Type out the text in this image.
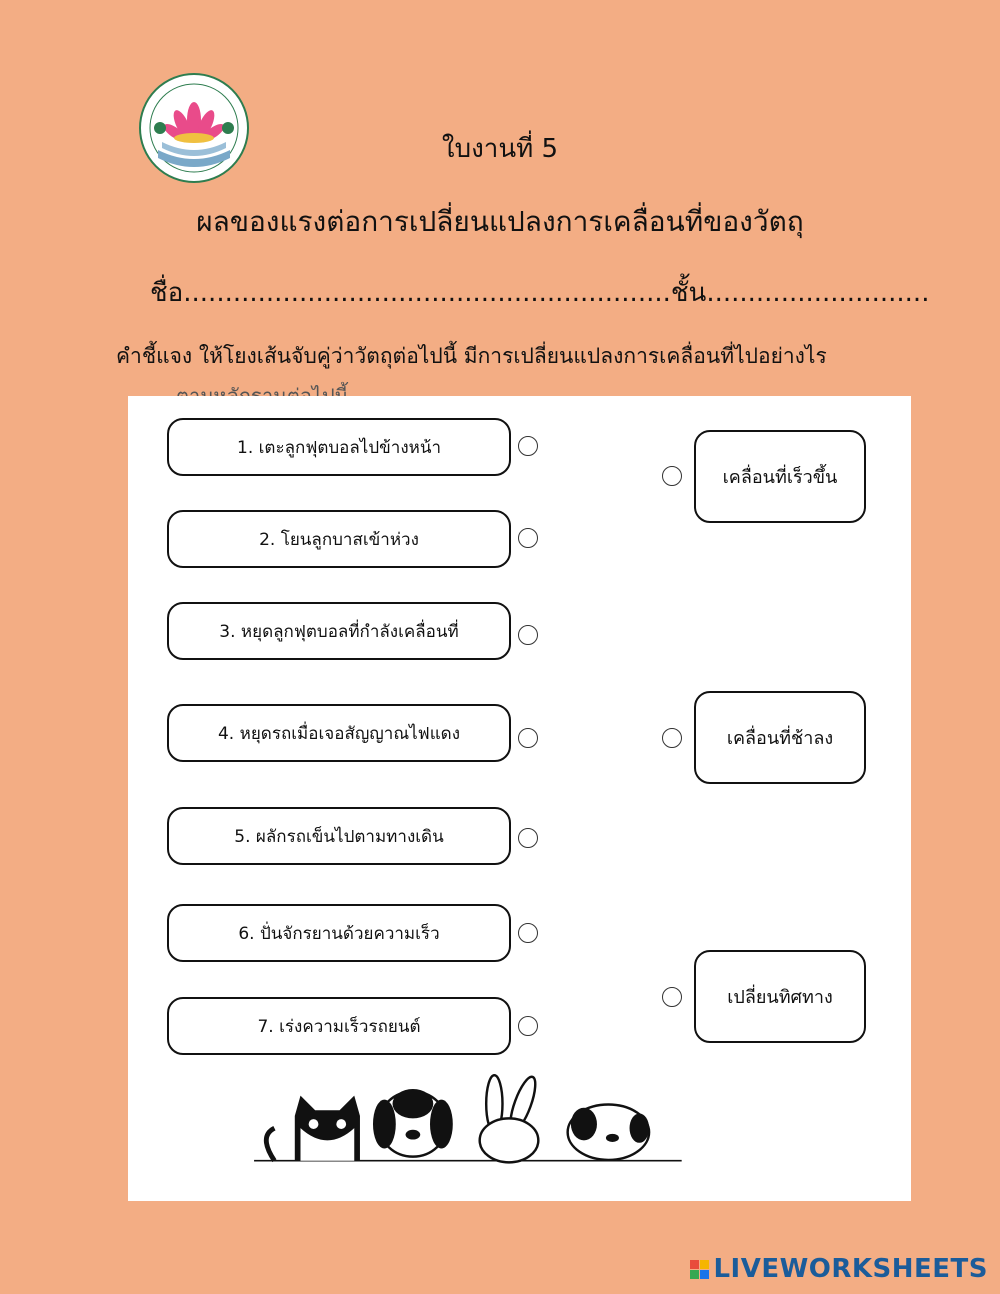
ใบงานที่ 5
ผลของแรงต่อการเปลี่ยนแปลงการเคลื่อนที่ของวัตถุ
ชื่อ...........................................................ชั้น...........................
คำชี้แจง ให้โยงเส้นจับคู่ว่าวัตถุต่อไปนี้ มีการเปลี่ยนแปลงการเคลื่อนที่ไปอย่างไร
1. เตะลูกฟุตบอลไปข้างหน้า
2. โยนลูกบาสเข้าห่วง
3. หยุดลูกฟุตบอลที่กำลังเคลื่อนที่
4. หยุดรถเมื่อเจอสัญญาณไฟแดง
5. ผลักรถเข็นไปตามทางเดิน
6. ปั่นจักรยานด้วยความเร็ว
7. เร่งความเร็วรถยนต์
เคลื่อนที่เร็วขึ้น
เคลื่อนที่ช้าลง
เปลี่ยนทิศทาง
LIVEWORKSHEETS
